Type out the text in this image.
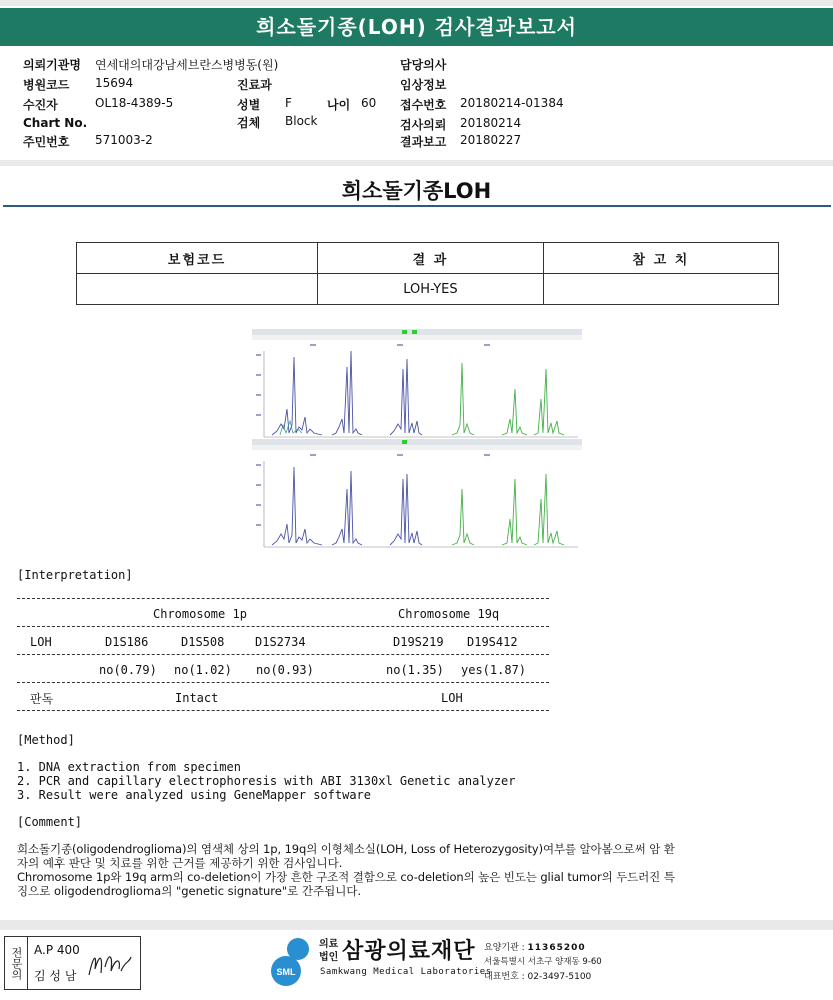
희소돌기종(LOH) 검사결과보고서
의뢰기관명 연세대의대강남세브란스병병동(원)	담당의사
병원코드 15694	진료과	임상정보
수진자	OL18-4389-5	성별 F	나이 60 접수번호 20180214-01384
Chart No.	검체 Block	검사의뢰 20180214
주민번호 571003-2	결과보고 20180227
희소돌기종LOH
보험코드	결 과	참 고 치
	LOH-YES	
[Interpretation]
Chromosome 1p	Chromosome 19q
LOH	D1S186	D1S508	D1S2734	D19S219 D19S412
no(0.79) no(1.02) no(0.93)	no(1.35) yes(1.87)
판독	Intact	LOH
[Method]
1. DNA extraction from specimen
2. PCR and capillary electrophoresis with ABI 3130xl Genetic analyzer
3. Result were analyzed using GeneMapper software
[Comment]
희소돌기종(oligodendroglioma)의 염색체 상의 1p, 19q의 이형체소실(LOH, Loss of Heterozygosity)여부를 알아봄으로써 암 환
자의 예후 판단 및 치료를 위한 근거를 제공하기 위한 검사입니다.
Chromosome 1p와 19q arm의 co-deletion이 가장 흔한 구조적 결함으로 co-deletion의 높은 빈도는 glial tumor의 두드러진 특
징으로 oligodendroglioma의 "genetic signature"로 간주됩니다.
전문의 A.P 400
김 성 남	SML
의료
법인 삼광의료재단
Samkwang Medical Laboratories
요양기관 : 11365200
서울특별시 서초구 양재동 9-60
대표번호 : 02-3497-5100
